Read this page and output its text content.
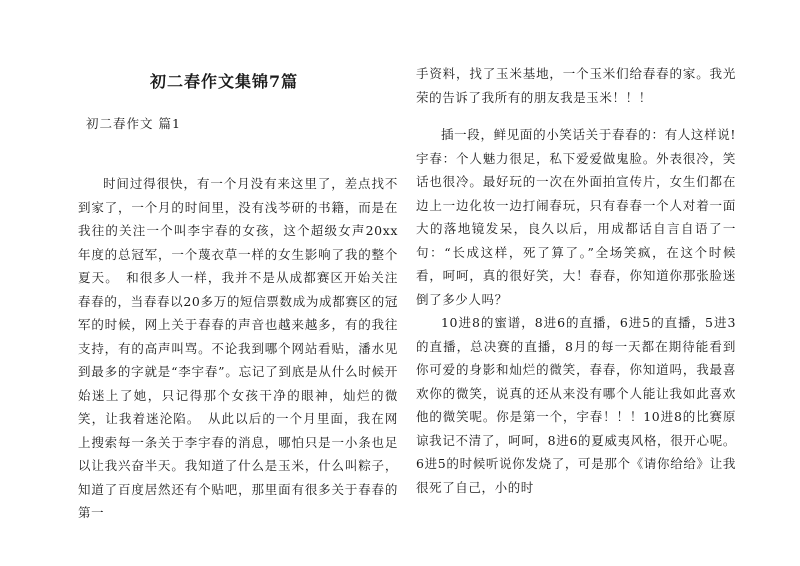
初二春作文集锦7篇
初二春作文 篇1

时间过得很快，有一个月没有来这里了，差点找不到家了，一个月的时间里，没有浅芩研的书籍，而是在我往的关注一个叫李宇春的女孩，这个超级女声20xx年度的总冠军，一个蔑衣草一样的女生影响了我的整个夏天。　和很多人一样，我并不是从成都赛区开始关注春春的，当春春以20多万的短信票数成为成都赛区的冠军的时候，网上关于春春的声音也越来越多，有的我往支持，有的高声叫骂。不论我到哪个网站看贴，潘水见到最多的字就是“李宇春”。忘记了到底是从什么时候开始迷上了她，只记得那个女孩干净的眼神，灿烂的微笑，让我着迷沦陷。　从此以后的一个月里面，我在网上搜索每一条关于李宇春的消息，哪怕只是一小条也足以让我兴奋半天。我知道了什么是玉米，什么叫粽子，知道了百度居然还有个贴吧，那里面有很多关于春春的第一

手资料，找了玉米基地，一个玉米们给春春的家。我光荣的告诉了我所有的朋友我是玉米！！！

插一段，鲜见面的小笑话关于春春的：有人这样说!宇春：个人魅力很足，私下爱爱做鬼脸。外表很冷，笑话也很冷。最好玩的一次在外面拍宣传片，女生们都在边上一边化妆一边打闹春玩，只有春春一个人对着一面大的落地镜发呆，良久以后，用成都话自言自语了一句：“长成这样，死了算了。”全场笑疯，在这个时候看，呵呵，真的很好笑，大！春春，你知道你那张脸迷倒了多少人吗？

10进8的蜜谱，8进6的直播，6进5的直播，5进3的直播，总决赛的直播，8月的每一天都在期待能看到你可爱的身影和灿烂的微笑，春春，你知道吗，我最喜欢你的微笑，说真的还从来没有哪个人能让我如此喜欢他的微笑呢。你是第一个，宇春！！！10进8的比赛原谅我记不清了，呵呵，8进6的夏威夷风格，很开心呢。6进5的时候听说你发烧了，可是那个《请你给给》让我很死了自己，小的时
